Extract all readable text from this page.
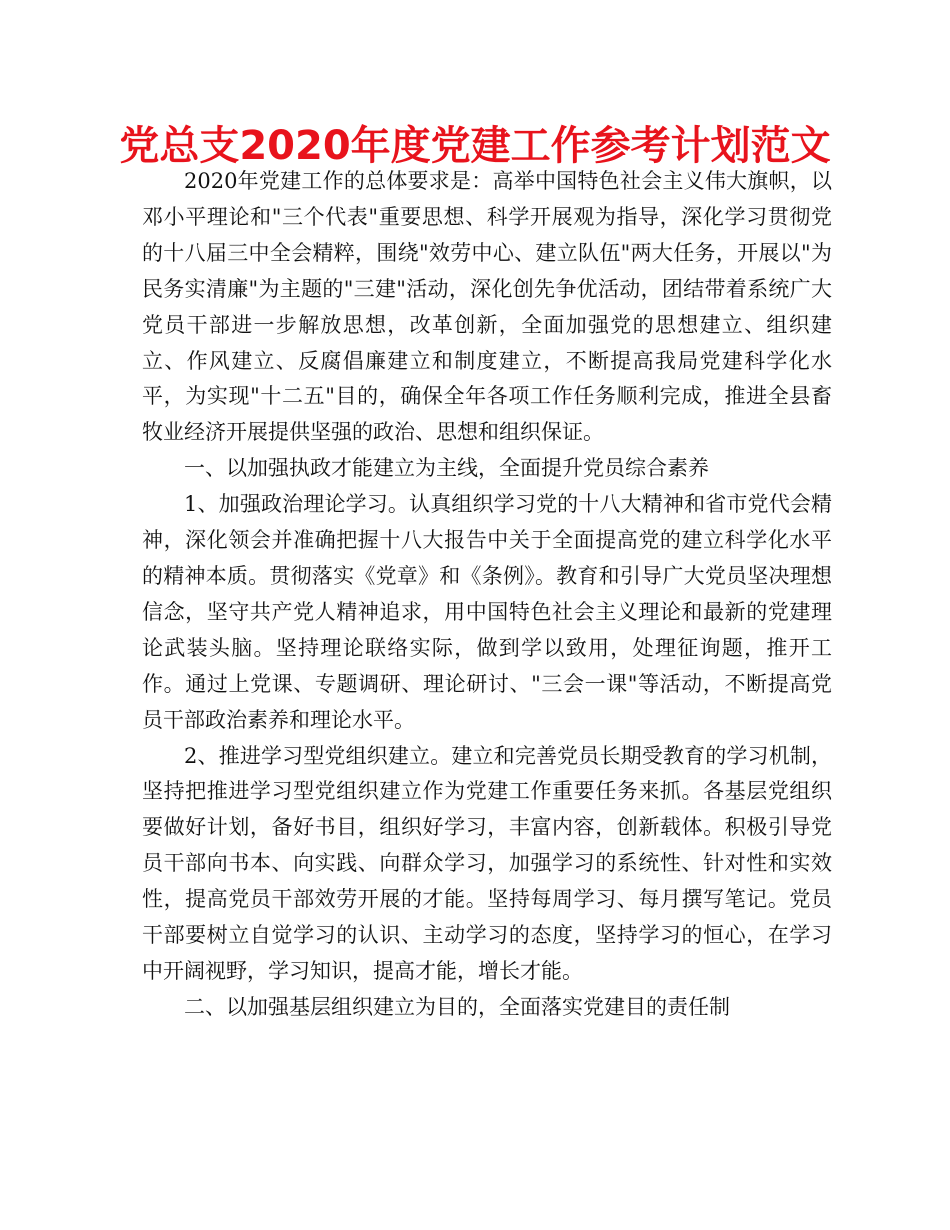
党总支2020年度党建工作参考计划范文

2020年党建工作的总体要求是：高举中国特色社会主义伟大旗帜，以邓小平理论和"三个代表"重要思想、科学开展观为指导，深化学习贯彻党的十八届三中全会精粹，围绕"效劳中心、建立队伍"两大任务，开展以"为民务实清廉"为主题的"三建"活动，深化创先争优活动，团结带着系统广大党员干部进一步解放思想，改革创新，全面加强党的思想建立、组织建立、作风建立、反腐倡廉建立和制度建立，不断提高我局党建科学化水平，为实现"十二五"目的，确保全年各项工作任务顺利完成，推进全县畜牧业经济开展提供坚强的政治、思想和组织保证。

一、以加强执政才能建立为主线，全面提升党员综合素养

1、加强政治理论学习。认真组织学习党的十八大精神和省市党代会精神，深化领会并准确把握十八大报告中关于全面提高党的建立科学化水平的精神本质。贯彻落实《党章》和《条例》。教育和引导广大党员坚决理想信念，坚守共产党人精神追求，用中国特色社会主义理论和最新的党建理论武装头脑。坚持理论联络实际，做到学以致用，处理征询题，推开工作。通过上党课、专题调研、理论研讨、"三会一课"等活动，不断提高党员干部政治素养和理论水平。

2、推进学习型党组织建立。建立和完善党员长期受教育的学习机制，坚持把推进学习型党组织建立作为党建工作重要任务来抓。各基层党组织要做好计划，备好书目，组织好学习，丰富内容，创新载体。积极引导党员干部向书本、向实践、向群众学习，加强学习的系统性、针对性和实效性，提高党员干部效劳开展的才能。坚持每周学习、每月撰写笔记。党员干部要树立自觉学习的认识、主动学习的态度，坚持学习的恒心，在学习中开阔视野，学习知识，提高才能，增长才能。

二、以加强基层组织建立为目的，全面落实党建目的责任制
